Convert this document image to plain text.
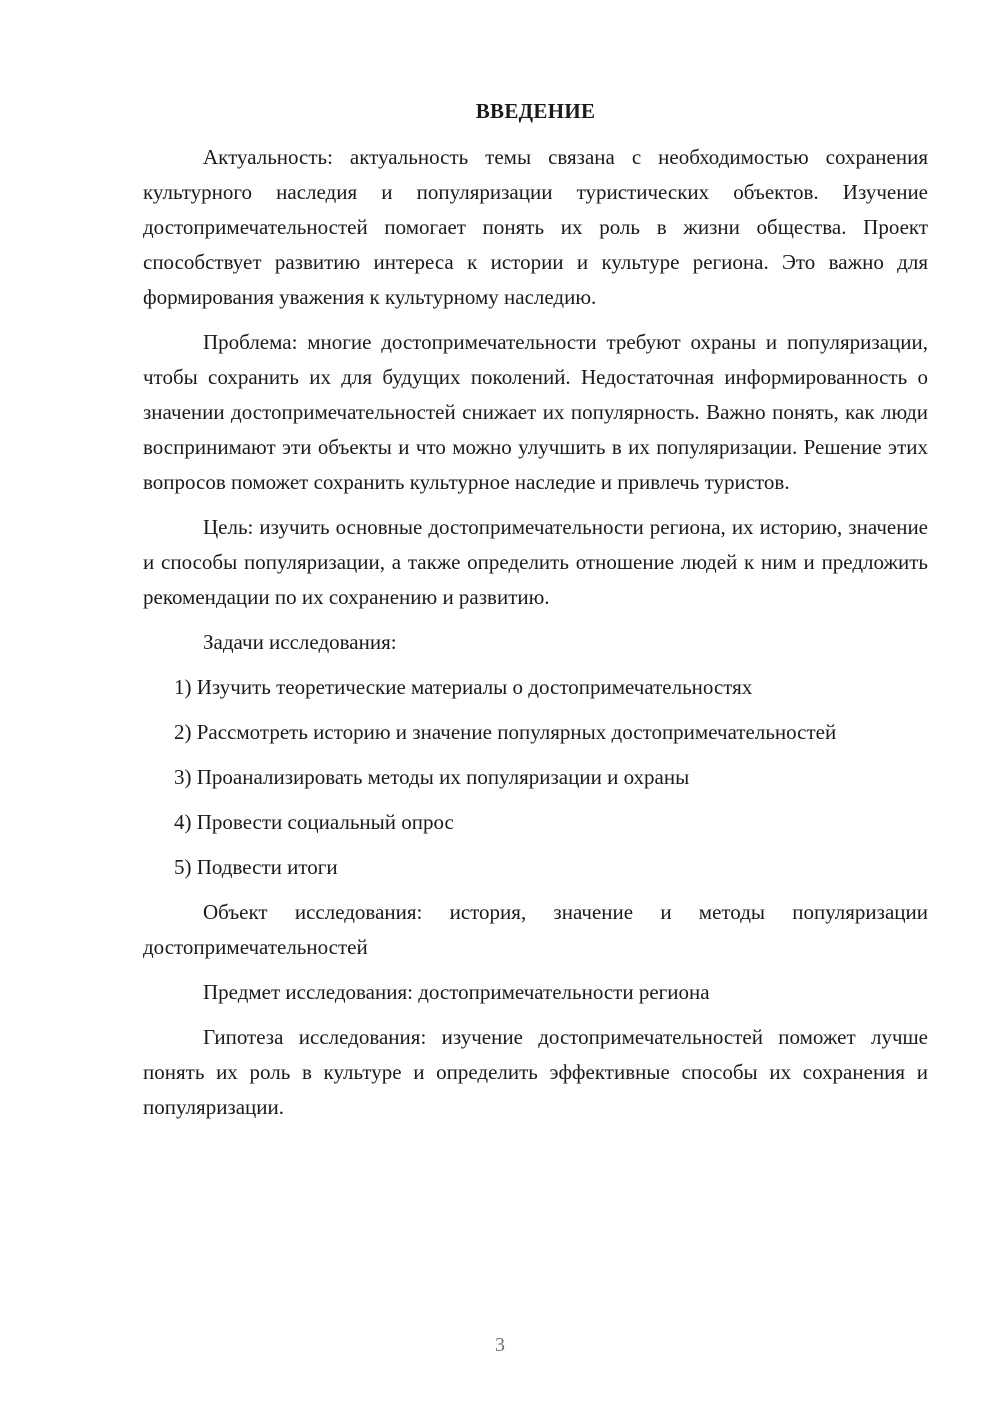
ВВЕДЕНИЕ

Актуальность: актуальность темы связана с необходимостью сохранения культурного наследия и популяризации туристических объектов. Изучение достопримечательностей помогает понять их роль в жизни общества. Проект способствует развитию интереса к истории и культуре региона. Это важно для формирования уважения к культурному наследию.

Проблема: многие достопримечательности требуют охраны и популяризации, чтобы сохранить их для будущих поколений. Недостаточная информированность о значении достопримечательностей снижает их популярность. Важно понять, как люди воспринимают эти объекты и что можно улучшить в их популяризации. Решение этих вопросов поможет сохранить культурное наследие и привлечь туристов.

Цель: изучить основные достопримечательности региона, их историю, значение и способы популяризации, а также определить отношение людей к ним и предложить рекомендации по их сохранению и развитию.

Задачи исследования:

1) Изучить теоретические материалы о достопримечательностях

2) Рассмотреть историю и значение популярных достопримечательностей

3) Проанализировать методы их популяризации и охраны

4) Провести социальный опрос

5) Подвести итоги

Объект исследования: история, значение и методы популяризации достопримечательностей

Предмет исследования: достопримечательности региона

Гипотеза исследования: изучение достопримечательностей поможет лучше понять их роль в культуре и определить эффективные способы их сохранения и популяризации.

3
